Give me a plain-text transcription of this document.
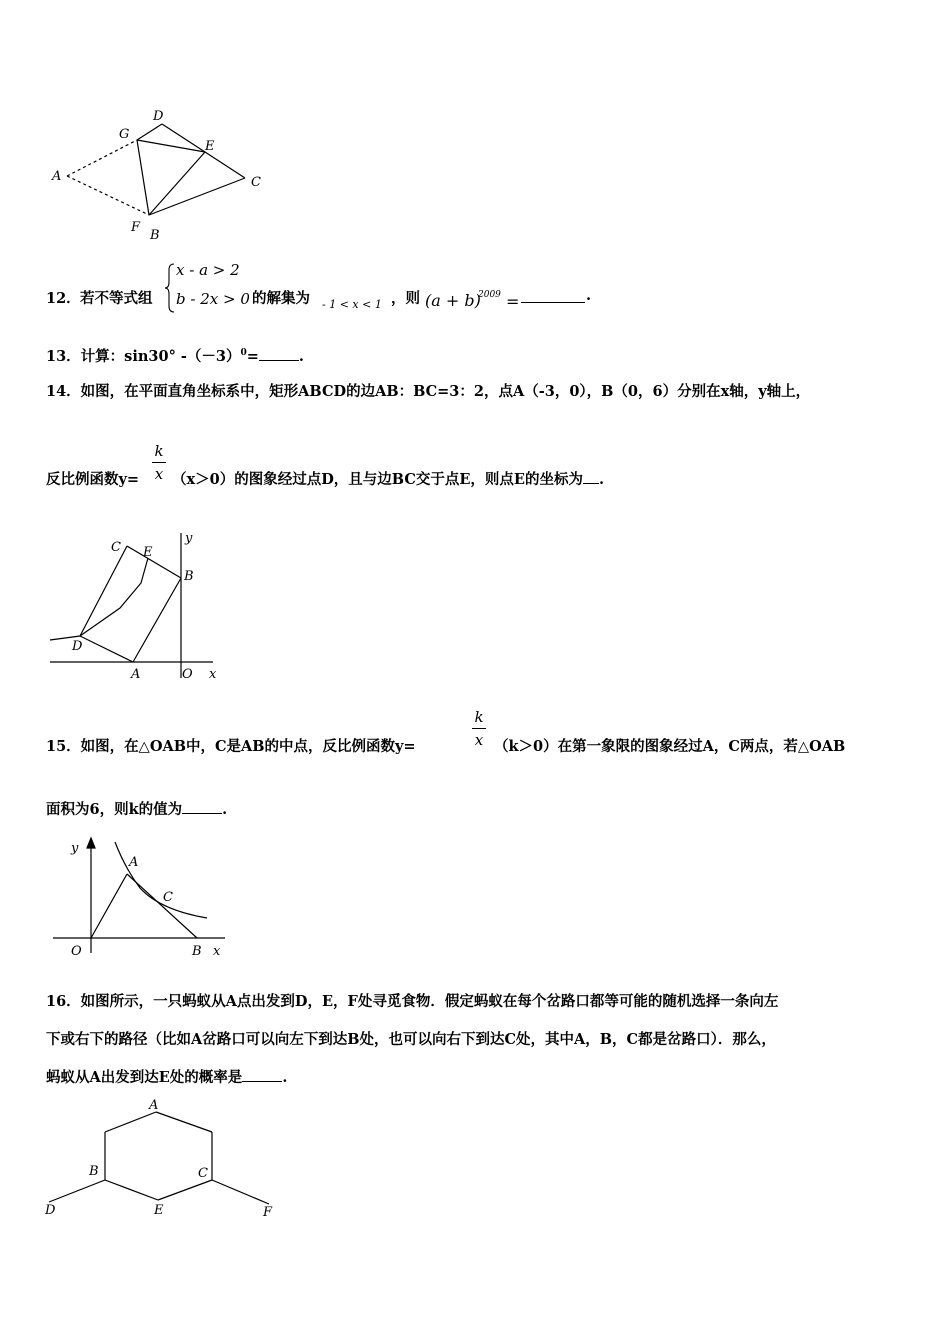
D
G
E
A	C
F
B
12． 若不等式组
x - a > 2
b - 2x > 0 的解集为 - 1 < x < 1 ，则 (a + b)
2009 =	.
13．计算：sin30° $-(-3)^0=$	.
14．如图，在平面直角坐标系中，矩形ABCD的边AB：BC=3：2，点A（-3，0），B（0，6）分别在x轴，y轴上，
反比例函数y=
k
x （x＞0）的图象经过点D，且与边BC交于点E，则点E的坐标为 .
C E
y
B
D
A	O x
15．如图，在△OAB中，C是AB的中点，反比例函数y=
k
x （k＞0）在第一象限的图象经过A，C两点，若△OAB
面积为6，则k的值为	.
y
A
C
O	B x
16．如图所示，一只蚂蚁从A点出发到D，E，F处寻觅食物．假定蚂蚁在每个岔路口都等可能的随机选择一条向左
下或右下的路径（比如A岔路口可以向左下到达B处，也可以向右下到达C处，其中A，B，C都是岔路口）．那么，
蚂蚁从A出发到达E处的概率是	.
A
B	C
D	E	F
